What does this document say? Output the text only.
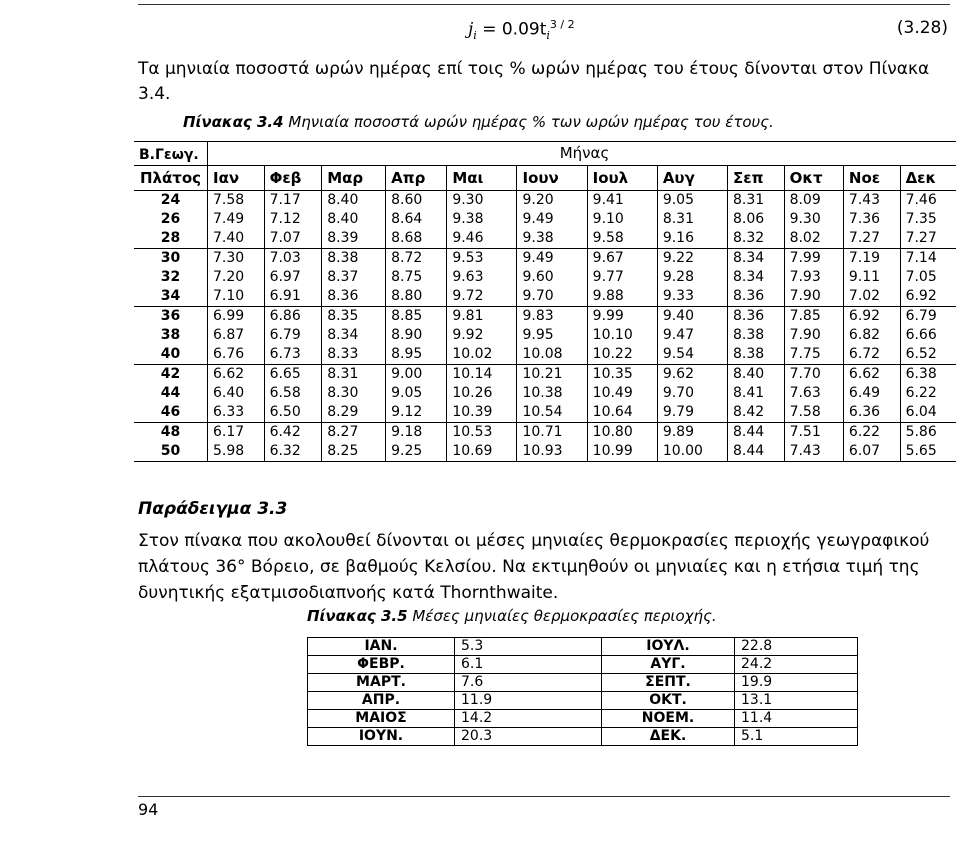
$j_i = 0.09t_i^{3 / 2}$	(3.28)
Τα μηνιαία ποσοστά ωρών ημέρας επί τοις % ωρών ημέρας του έτους δίνονται στον Πίνακα 3.4.
Πίνακας 3.4 Μηνιαία ποσοστά ωρών ημέρας % των ωρών ημέρας του έτους.
Β.Γεωγ.	Μήνας											
Πλάτος	Ιαν	Φεβ	Μαρ	Απρ	Μαι	Ιουν	Ιουλ	Αυγ	Σεπ	Οκτ	Νοε	Δεκ
24	7.58	7.17	8.40	8.60	9.30	9.20	9.41	9.05	8.31	8.09	7.43	7.46
26	7.49	7.12	8.40	8.64	9.38	9.49	9.10	8.31	8.06	9.30	7.36	7.35
28	7.40	7.07	8.39	8.68	9.46	9.38	9.58	9.16	8.32	8.02	7.27	7.27
30	7.30	7.03	8.38	8.72	9.53	9.49	9.67	9.22	8.34	7.99	7.19	7.14
32	7.20	6.97	8.37	8.75	9.63	9.60	9.77	9.28	8.34	7.93	9.11	7.05
34	7.10	6.91	8.36	8.80	9.72	9.70	9.88	9.33	8.36	7.90	7.02	6.92
36	6.99	6.86	8.35	8.85	9.81	9.83	9.99	9.40	8.36	7.85	6.92	6.79
38	6.87	6.79	8.34	8.90	9.92	9.95	10.10	9.47	8.38	7.90	6.82	6.66
40	6.76	6.73	8.33	8.95	10.02	10.08	10.22	9.54	8.38	7.75	6.72	6.52
42	6.62	6.65	8.31	9.00	10.14	10.21	10.35	9.62	8.40	7.70	6.62	6.38
44	6.40	6.58	8.30	9.05	10.26	10.38	10.49	9.70	8.41	7.63	6.49	6.22
46	6.33	6.50	8.29	9.12	10.39	10.54	10.64	9.79	8.42	7.58	6.36	6.04
48	6.17	6.42	8.27	9.18	10.53	10.71	10.80	9.89	8.44	7.51	6.22	5.86
50	5.98	6.32	8.25	9.25	10.69	10.93	10.99	10.00	8.44	7.43	6.07	5.65
Παράδειγμα 3.3
Στον πίνακα που ακολουθεί δίνονται οι μέσες μηνιαίες θερμοκρασίες περιοχής γεωγραφικού πλάτους 36° Βόρειο, σε βαθμούς Κελσίου. Να εκτιμηθούν οι μηνιαίες και η ετήσια τιμή της δυνητικής εξατμισοδιαπνοής κατά Thornthwaite.
Πίνακας 3.5 Μέσες μηνιαίες θερμοκρασίες περιοχής.
ΙΑΝ.	5.3	ΙΟΥΛ.	22.8
ΦΕΒΡ.	6.1	ΑΥΓ.	24.2
ΜΑΡΤ.	7.6	ΣΕΠΤ.	19.9
ΑΠΡ.	11.9	ΟΚΤ.	13.1
ΜΑΙΟΣ	14.2	ΝΟΕΜ.	11.4
ΙΟΥΝ.	20.3	ΔΕΚ.	5.1
94
